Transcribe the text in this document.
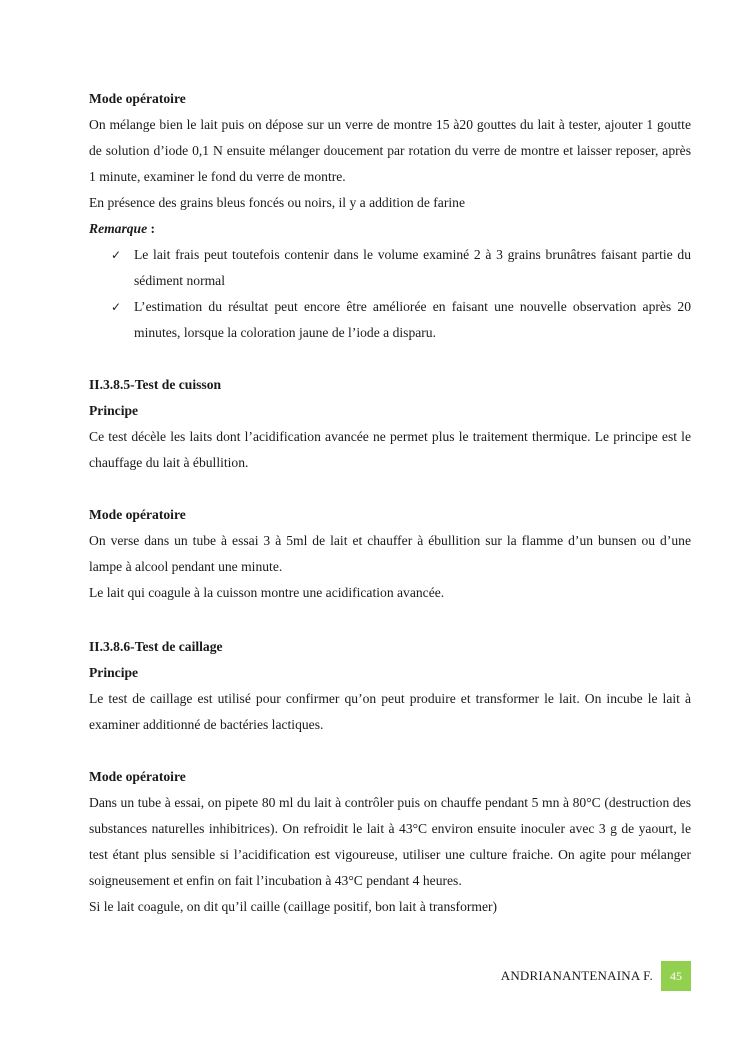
Mode opératoire

On mélange bien le lait puis on dépose sur un verre de montre 15 à20 gouttes du lait à tester, ajouter 1 goutte de solution d’iode 0,1 N ensuite mélanger doucement par rotation du verre de montre et laisser reposer, après 1 minute, examiner le fond du verre de montre.

En présence des grains bleus foncés ou noirs, il y a addition de farine

Remarque :

✓ Le lait frais peut toutefois contenir dans le volume examiné 2 à 3 grains brunâtres faisant partie du sédiment normal
✓ L’estimation du résultat peut encore être améliorée en faisant une nouvelle observation après 20 minutes, lorsque la coloration jaune de l’iode a disparu.

II.3.8.5-Test de cuisson

Principe

Ce test décèle les laits dont l’acidification avancée ne permet plus le traitement thermique. Le principe est le chauffage du lait à ébullition.

Mode opératoire

On verse dans un tube à essai 3 à 5ml de lait et chauffer à ébullition sur la flamme d’un bunsen ou d’une lampe à alcool pendant une minute.

Le lait qui coagule à la cuisson montre une acidification avancée.

II.3.8.6-Test de caillage

Principe

Le test de caillage est utilisé pour confirmer qu’on peut produire et transformer le lait. On incube le lait à examiner additionné de bactéries lactiques.

Mode opératoire

Dans un tube à essai, on pipete 80 ml du lait à contrôler puis on chauffe pendant 5 mn à 80°C (destruction des substances naturelles inhibitrices). On refroidit le lait à 43°C environ ensuite inoculer avec 3 g de yaourt, le test étant plus sensible si l’acidification est vigoureuse, utiliser une culture fraiche. On agite pour mélanger soigneusement et enfin on fait l’incubation à 43°C pendant 4 heures.

Si le lait coagule, on dit qu’il caille (caillage positif, bon lait à transformer)

ANDRIANANTENAINA F.	45
